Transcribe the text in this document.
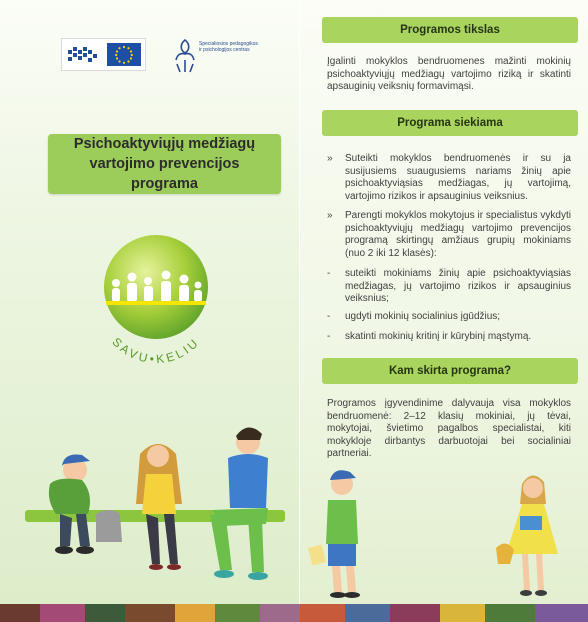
Specialiosios pedagogikos ir psichologijos centras
Psichoaktyviųjų medžiagų vartojimo prevencijos programa
SAVU•KELIU
Programos tikslas
Įgalinti mokyklos bendruomenes mažinti mokinių psichoaktyviųjų medžiagų vartojimo riziką ir skatinti apsauginių veiksnių formavimąsi.
Programa siekiama
»	Suteikti mokyklos bendruomenės ir su ja susijusiems suaugusiems nariams žinių apie psichoaktyviąsias medžiagas, jų vartojimą, vartojimo rizikos ir apsauginius veiksnius.
»	Parengti mokyklos mokytojus ir specialistus vykdyti psichoaktyviųjų medžiagų vartojimo prevencijos programą skirtingų amžiaus grupių mokiniams (nuo 2 iki 12 klasės):
-	suteikti mokiniams žinių apie psichoaktyviąsias medžiagas, jų vartojimo rizikos ir apsauginius veiksnius;
-	ugdyti mokinių socialinius įgūdžius;
-	skatinti mokinių kritinį ir kūrybinį mąstymą.
Kam skirta programa?
Programos įgyvendinime dalyvauja visa mokyklos bendruomenė: 2–12 klasių mokiniai, jų tėvai, mokytojai, švietimo pagalbos specialistai, kiti mokykloje dirbantys darbuotojai bei socialiniai partneriai.
